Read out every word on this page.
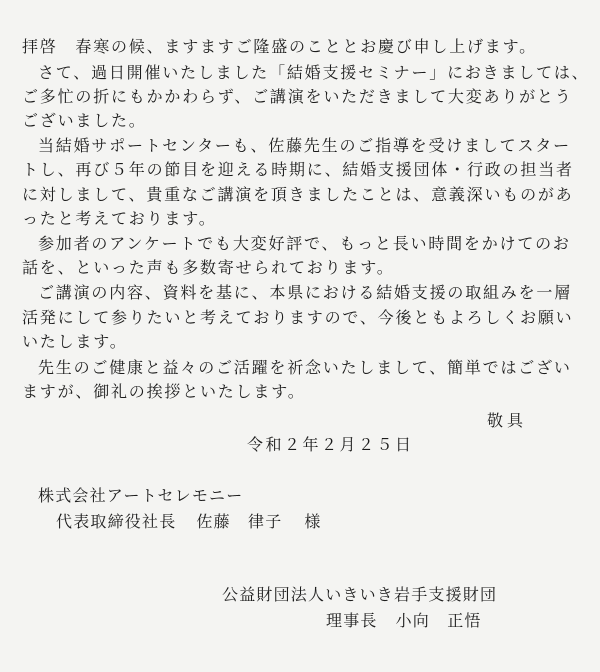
拝啓　春寒の候、ますますご隆盛のこととお慶び申し上げます。

さて、過日開催いたしました「結婚支援セミナー」におきましては、

ご多忙の折にもかかわらず、ご講演をいただきまして大変ありがとう

ございました。

当結婚サポートセンターも、佐藤先生のご指導を受けましてスター

トし、再び５年の節目を迎える時期に、結婚支援団体・行政の担当者

に対しまして、貴重なご講演を頂きましたことは、意義深いものがあ

ったと考えております。

参加者のアンケートでも大変好評で、もっと長い時間をかけてのお

話を、といった声も多数寄せられております。

ご講演の内容、資料を基に、本県における結婚支援の取組みを一層

活発にして参りたいと考えておりますので、今後ともよろしくお願い

いたします。

先生のご健康と益々のご活躍を祈念いたしまして、簡単ではござい

ますが、御礼の挨拶といたします。

敬具
令和２年２月２５日
株式会社アートセレモニー
代表取締役社長 佐藤　律子 様
公益財団法人いきいき岩手支援財団
理事長 小向　正悟
